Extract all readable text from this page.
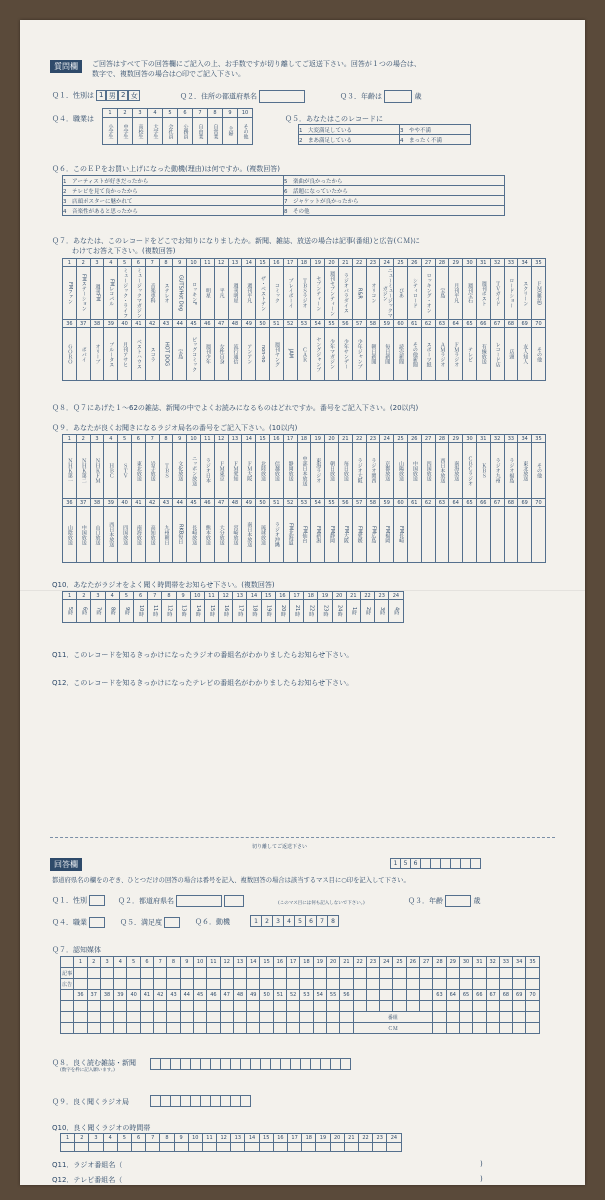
質問欄	ご回答はすべて下の回答欄にご記入の上、お手数ですが切り離してご返送下さい。回答が１つの場合は、
数字で、複数回答の場合は○印でご記入下さい。
Ｑ１．性別は 1 男 2 女	Ｑ２．住所の都道府県名	Ｑ３．年齢は	歳
Ｑ４．職業は
1	2	3	4	5	6	7	8	9	10

小学生	中学生	高校生	大学生	会社員	公務員	自由業	自営業	主婦	その他
Ｑ５．あなたはこのレコードに
1　大変満足している	3　やや不満
2　まあ満足している	4　まったく不満
Ｑ６．このＥＰをお買い上げになった動機(理由)は何ですか。(複数回答)
1　アーティストが好きだったから	5　楽曲が良かったから
2　テレビを見て良かったから	6　話題になっていたから
3　店頭ポスターに魅かれて	7　ジャケットが良かったから
4　音楽性があると思ったから	8　その他
Ｑ７．あなたは、このレコードをどこでお知りになりましたか。新聞、雑誌、放送の場合は記事(番組)と広告(ＣＭ)に
わけてお答え下さい。(複数回答)
1	2	3	4	5	6	7	8	9	10	11	12	13	14	15	16	17	18	19	20	21	22	23	24	25	26	27	28	29	30	31	32	33	34	35

FMファン	FMステーション	週刊FM	FMレコパル	ミュージック・ライフ	ミュージックマガジン	音楽専科	ステレオ	GUTS/Hot Dog	ロッキンF	明星	平凡	週刊明星	週刊平凡	ザ・ベストテン	コミック	プレイボーイ	ＴＢＳラジオ	セブンティーン	週刊セブンティーン	ラジオパラダイス	R&R	オリコン	ニューミュージックマガジン	ぴあ	シティロード	ロッキング・オン	宝島	月刊平凡	週刊宝石	週刊ポスト	ＴＶガイド	ロードショー	スクリーン	ＦＭ(雑誌)

36	37	38	39	40	41	42	43	44	45	46	47	48	49	50	51	52	53	54	55	56	57	58	59	60	61	62	63	64	65	66	67	68	69	70

ＧＯＲＯ	ポパイ	オリーブ	ブルータス	月刊アサヒ	ベストハウス	スコラ	HOT DOG	宝島	ビッグコミック	週刊少年	女性自身	流行通信	アンアン	non-no	週刊ヤング	JAM	ＣＡＲ	ヤングジャンプ	少年マガジン	少年サンデー	少年ジャンプ	朝日新聞	毎日新聞	読売新聞	その他新聞	スポーツ紙	ＡＭラジオ	ＦＭラジオ	テレビ	有線放送	レコード店	店頭	友人知人	その他
Ｑ８．Ｑ７にあげた１〜62の雑誌、新聞の中でよくお読みになるものはどれですか。番号をご記入下さい。(20以内)
Ｑ９．あなたが良くお聞きになるラジオ局名の番号をご記入下さい。(10以内)
1	2	3	4	5	6	7	8	9	10	11	12	13	14	15	16	17	18	19	20	21	22	23	24	25	26	27	28	29	30	31	32	33	34	35

ＮＨＫ第一	ＮＨＫ第二	ＮＨＫＦＭ	ＨＢＣ	ＳＴＶ	東北放送	岩手放送	ＴＢＳ	文化放送	ニッポン放送	ラジオ日本	ＦＭ東京	ＦＭ愛知	ＦＭ大阪	北陸放送	信越放送	静岡放送	中部日本放送	東海ラジオ	朝日放送	毎日放送	ラジオ大阪	ラジオ関西	京都放送	山陽放送	中国放送	四国放送	西日本放送	南海放送	ＣＢＣラジオ	ＫＢＳ	ラジオ九州	ラジオ福島	東北放送	その他

36	37	38	39	40	41	42	43	44	45	46	47	48	49	50	51	52	53	54	55	56	57	58	59	60	61	62	63	64	65	66	67	68	69	70

山陰放送	中国放送	山口放送	西日本放送	四国放送	南海放送	高知放送	九州朝日	RKB毎日	長崎放送	熊本放送	大分放送	宮崎放送	南日本放送	琉球放送	ラジオ沖縄	FM北海道	FM仙台	FM新潟	FM静岡	FM大阪	FM愛媛	FM広島	FM福岡	FM長崎										

Q10．あなたがラジオをよく聞く時間帯をお知らせ下さい。(複数回答)
1	2	3	4	5	6	7	8	9	10	11	12	13	14	15	16	17	18	19	20	21	22	23	24

5時	6時	7時	8時	9時	10時	11時	12時	13時	14時	15時	16時	17時	18時	19時	20時	21時	22時	23時	24時	1時	2時	3時	4時
Q11．このレコードを知るきっかけになったラジオの番組名がわかりましたらお知らせ下さい。
Q12．このレコードを知るきっかけになったテレビの番組名がわかりましたらお知らせ下さい。
切り離してご返送下さい
回答欄	1	5	6						
都道府県名の欄をのぞき、ひとつだけの回答の場合は番号を記入、複数回答の場合は該当するマス目に○印を記入して下さい。
Ｑ１．性別	Ｑ２．都道府県名	(このマス目には何も記入しないで下さい。)	Ｑ３．年齢	歳
Ｑ４．職業	Ｑ５．満足度	Ｑ６．動機	1	2	3	4	5	6	7	8
Ｑ７．認知媒体
	1	2	3	4	5	6	7	8	9	10	11	12	13	14	15	16	17	18	19	20	21	22	23	24	25	26	27	28	29	30	31	32	33	34	35
記事																																			
広告																																			
	36	37	38	39	40	41	42	43	44	45	46	47	48	49	50	51	52	53	54	55	56							63	64	65	66	67	68	69	70

																						番組													
																						ＣＭ													
Ｑ８．良く読む雑誌・新聞
(数字を枠に記入願います。)

Ｑ９．良く聞くラジオ局

Q10．良く聞くラジオの時間帯
1	2	3	4	5	6	7	8	9	10	11	12	13	14	15	16	17	18	19	20	21	22	23	24

Q11．ラジオ番組名（	)
Q12．テレビ番組名（	)
